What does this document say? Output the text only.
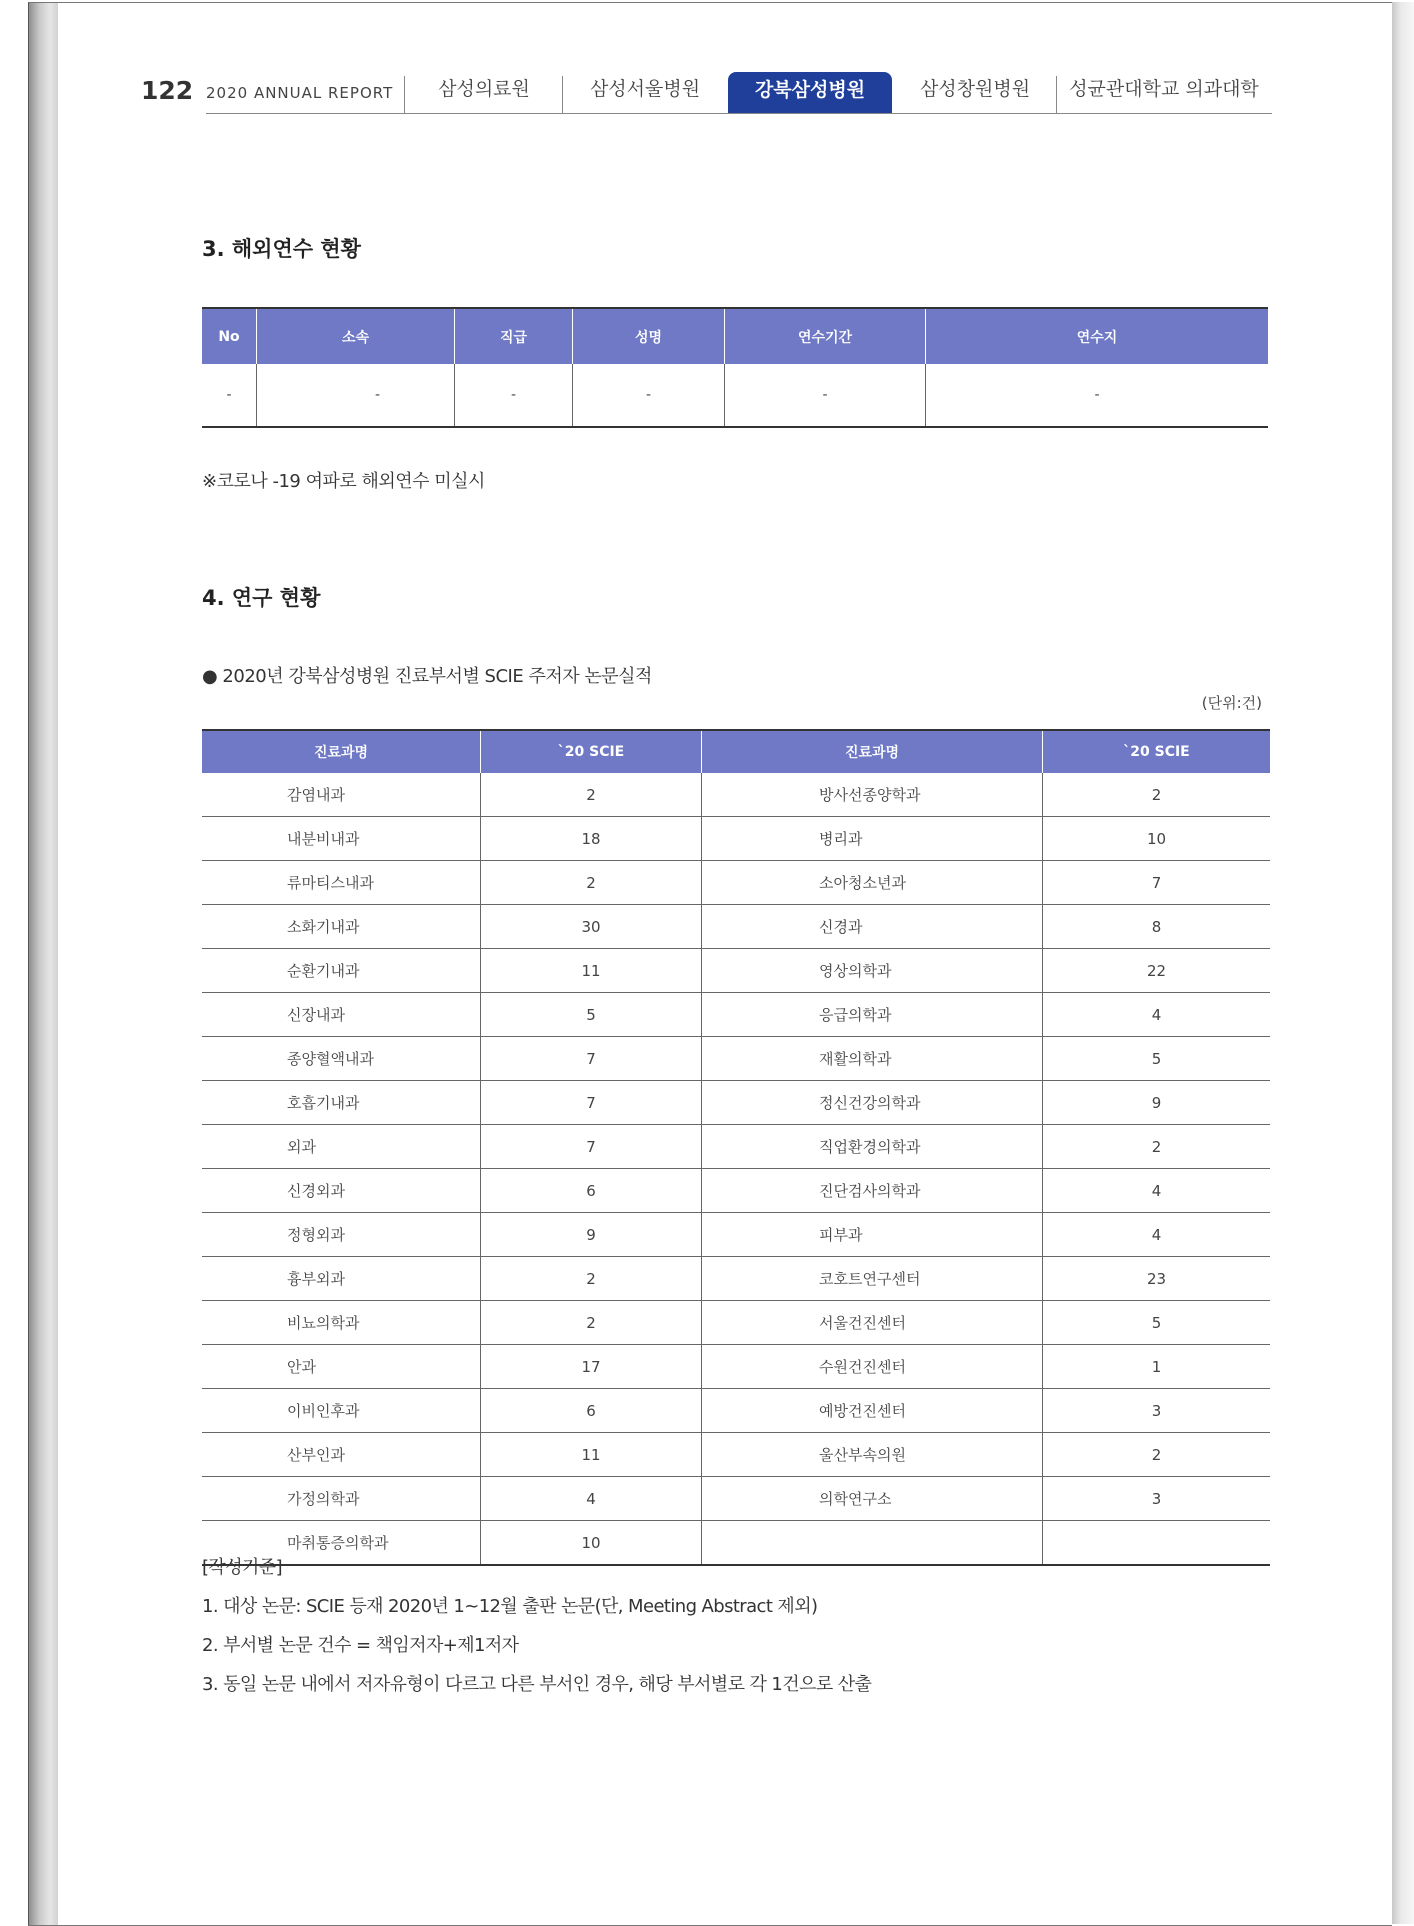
122 2020 ANNUAL REPORT	삼성의료원	삼성서울병원	강북삼성병원	삼성창원병원	성균관대학교 의과대학
3. 해외연수 현황
No	소속	직급	성명	연수기간	연수지
-	-	-	-	-	-
※코로나 -19 여파로 해외연수 미실시
4. 연구 현황
● 2020년 강북삼성병원 진료부서별 SCIE 주저자 논문실적
(단위:건)
진료과명	`20 SCIE	진료과명	`20 SCIE
감염내과	2	방사선종양학과	2
내분비내과	18	병리과	10
류마티스내과	2	소아청소년과	7
소화기내과	30	신경과	8
순환기내과	11	영상의학과	22
신장내과	5	응급의학과	4
종양혈액내과	7	재활의학과	5
호흡기내과	7	정신건강의학과	9
외과	7	직업환경의학과	2
신경외과	6	진단검사의학과	4
정형외과	9	피부과	4
흉부외과	2	코호트연구센터	23
비뇨의학과	2	서울건진센터	5
안과	17	수원건진센터	1
이비인후과	6	예방건진센터	3
산부인과	11	울산부속의원	2
가정의학과	4	의학연구소	3
마취통증의학과	10		
[작성기준]
1. 대상 논문: SCIE 등재 2020년 1~12월 출판 논문(단, Meeting Abstract 제외)
2. 부서별 논문 건수 = 책임저자+제1저자
3. 동일 논문 내에서 저자유형이 다르고 다른 부서인 경우, 해당 부서별로 각 1건으로 산출
